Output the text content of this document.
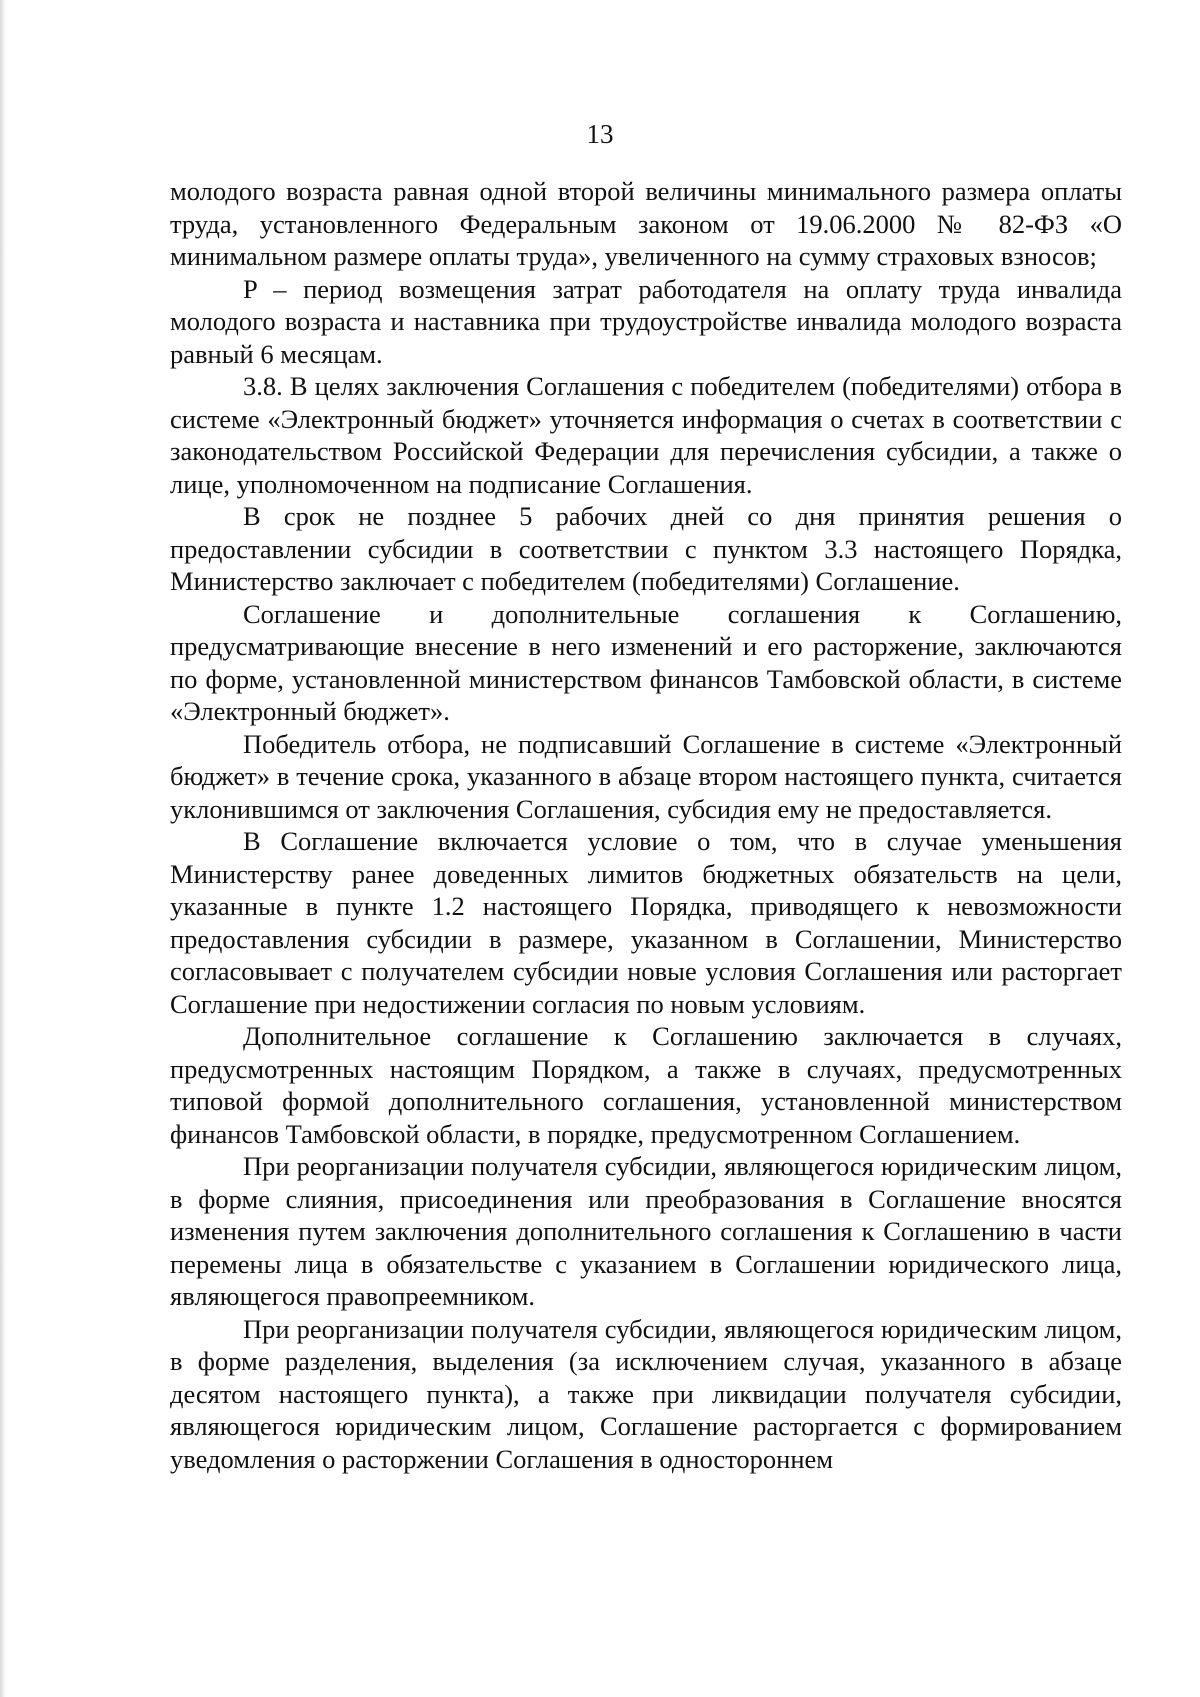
13

молодого возраста равная одной второй величины минимального размера оплаты труда, установленного Федеральным законом от 19.06.2000 № 82-ФЗ «О минимальном размере оплаты труда», увеличенного на сумму страховых взносов;

P – период возмещения затрат работодателя на оплату труда инвалида молодого возраста и наставника при трудоустройстве инвалида молодого возраста равный 6 месяцам.

3.8. В целях заключения Соглашения с победителем (победителями) отбора в системе «Электронный бюджет» уточняется информация о счетах в соответствии с законодательством Российской Федерации для перечисления субсидии, а также о лице, уполномоченном на подписание Соглашения.

В срок не позднее 5 рабочих дней со дня принятия решения о предоставлении субсидии в соответствии с пунктом 3.3 настоящего Порядка, Министерство заключает с победителем (победителями) Соглашение.

Соглашение и дополнительные соглашения к Соглашению, предусматривающие внесение в него изменений и его расторжение, заключаются по форме, установленной министерством финансов Тамбовской области, в системе «Электронный бюджет».

Победитель отбора, не подписавший Соглашение в системе «Электронный бюджет» в течение срока, указанного в абзаце втором настоящего пункта, считается уклонившимся от заключения Соглашения, субсидия ему не предоставляется.

В Соглашение включается условие о том, что в случае уменьшения Министерству ранее доведенных лимитов бюджетных обязательств на цели, указанные в пункте 1.2 настоящего Порядка, приводящего к невозможности предоставления субсидии в размере, указанном в Соглашении, Министерство согласовывает с получателем субсидии новые условия Соглашения или расторгает Соглашение при недостижении согласия по новым условиям.

Дополнительное соглашение к Соглашению заключается в случаях, предусмотренных настоящим Порядком, а также в случаях, предусмотренных типовой формой дополнительного соглашения, установленной министерством финансов Тамбовской области, в порядке, предусмотренном Соглашением.

При реорганизации получателя субсидии, являющегося юридическим лицом, в форме слияния, присоединения или преобразования в Соглашение вносятся изменения путем заключения дополнительного соглашения к Соглашению в части перемены лица в обязательстве с указанием в Соглашении юридического лица, являющегося правопреемником.

При реорганизации получателя субсидии, являющегося юридическим лицом, в форме разделения, выделения (за исключением случая, указанного в абзаце десятом настоящего пункта), а также при ликвидации получателя субсидии, являющегося юридическим лицом, Соглашение расторгается с формированием уведомления о расторжении Соглашения в одностороннем
